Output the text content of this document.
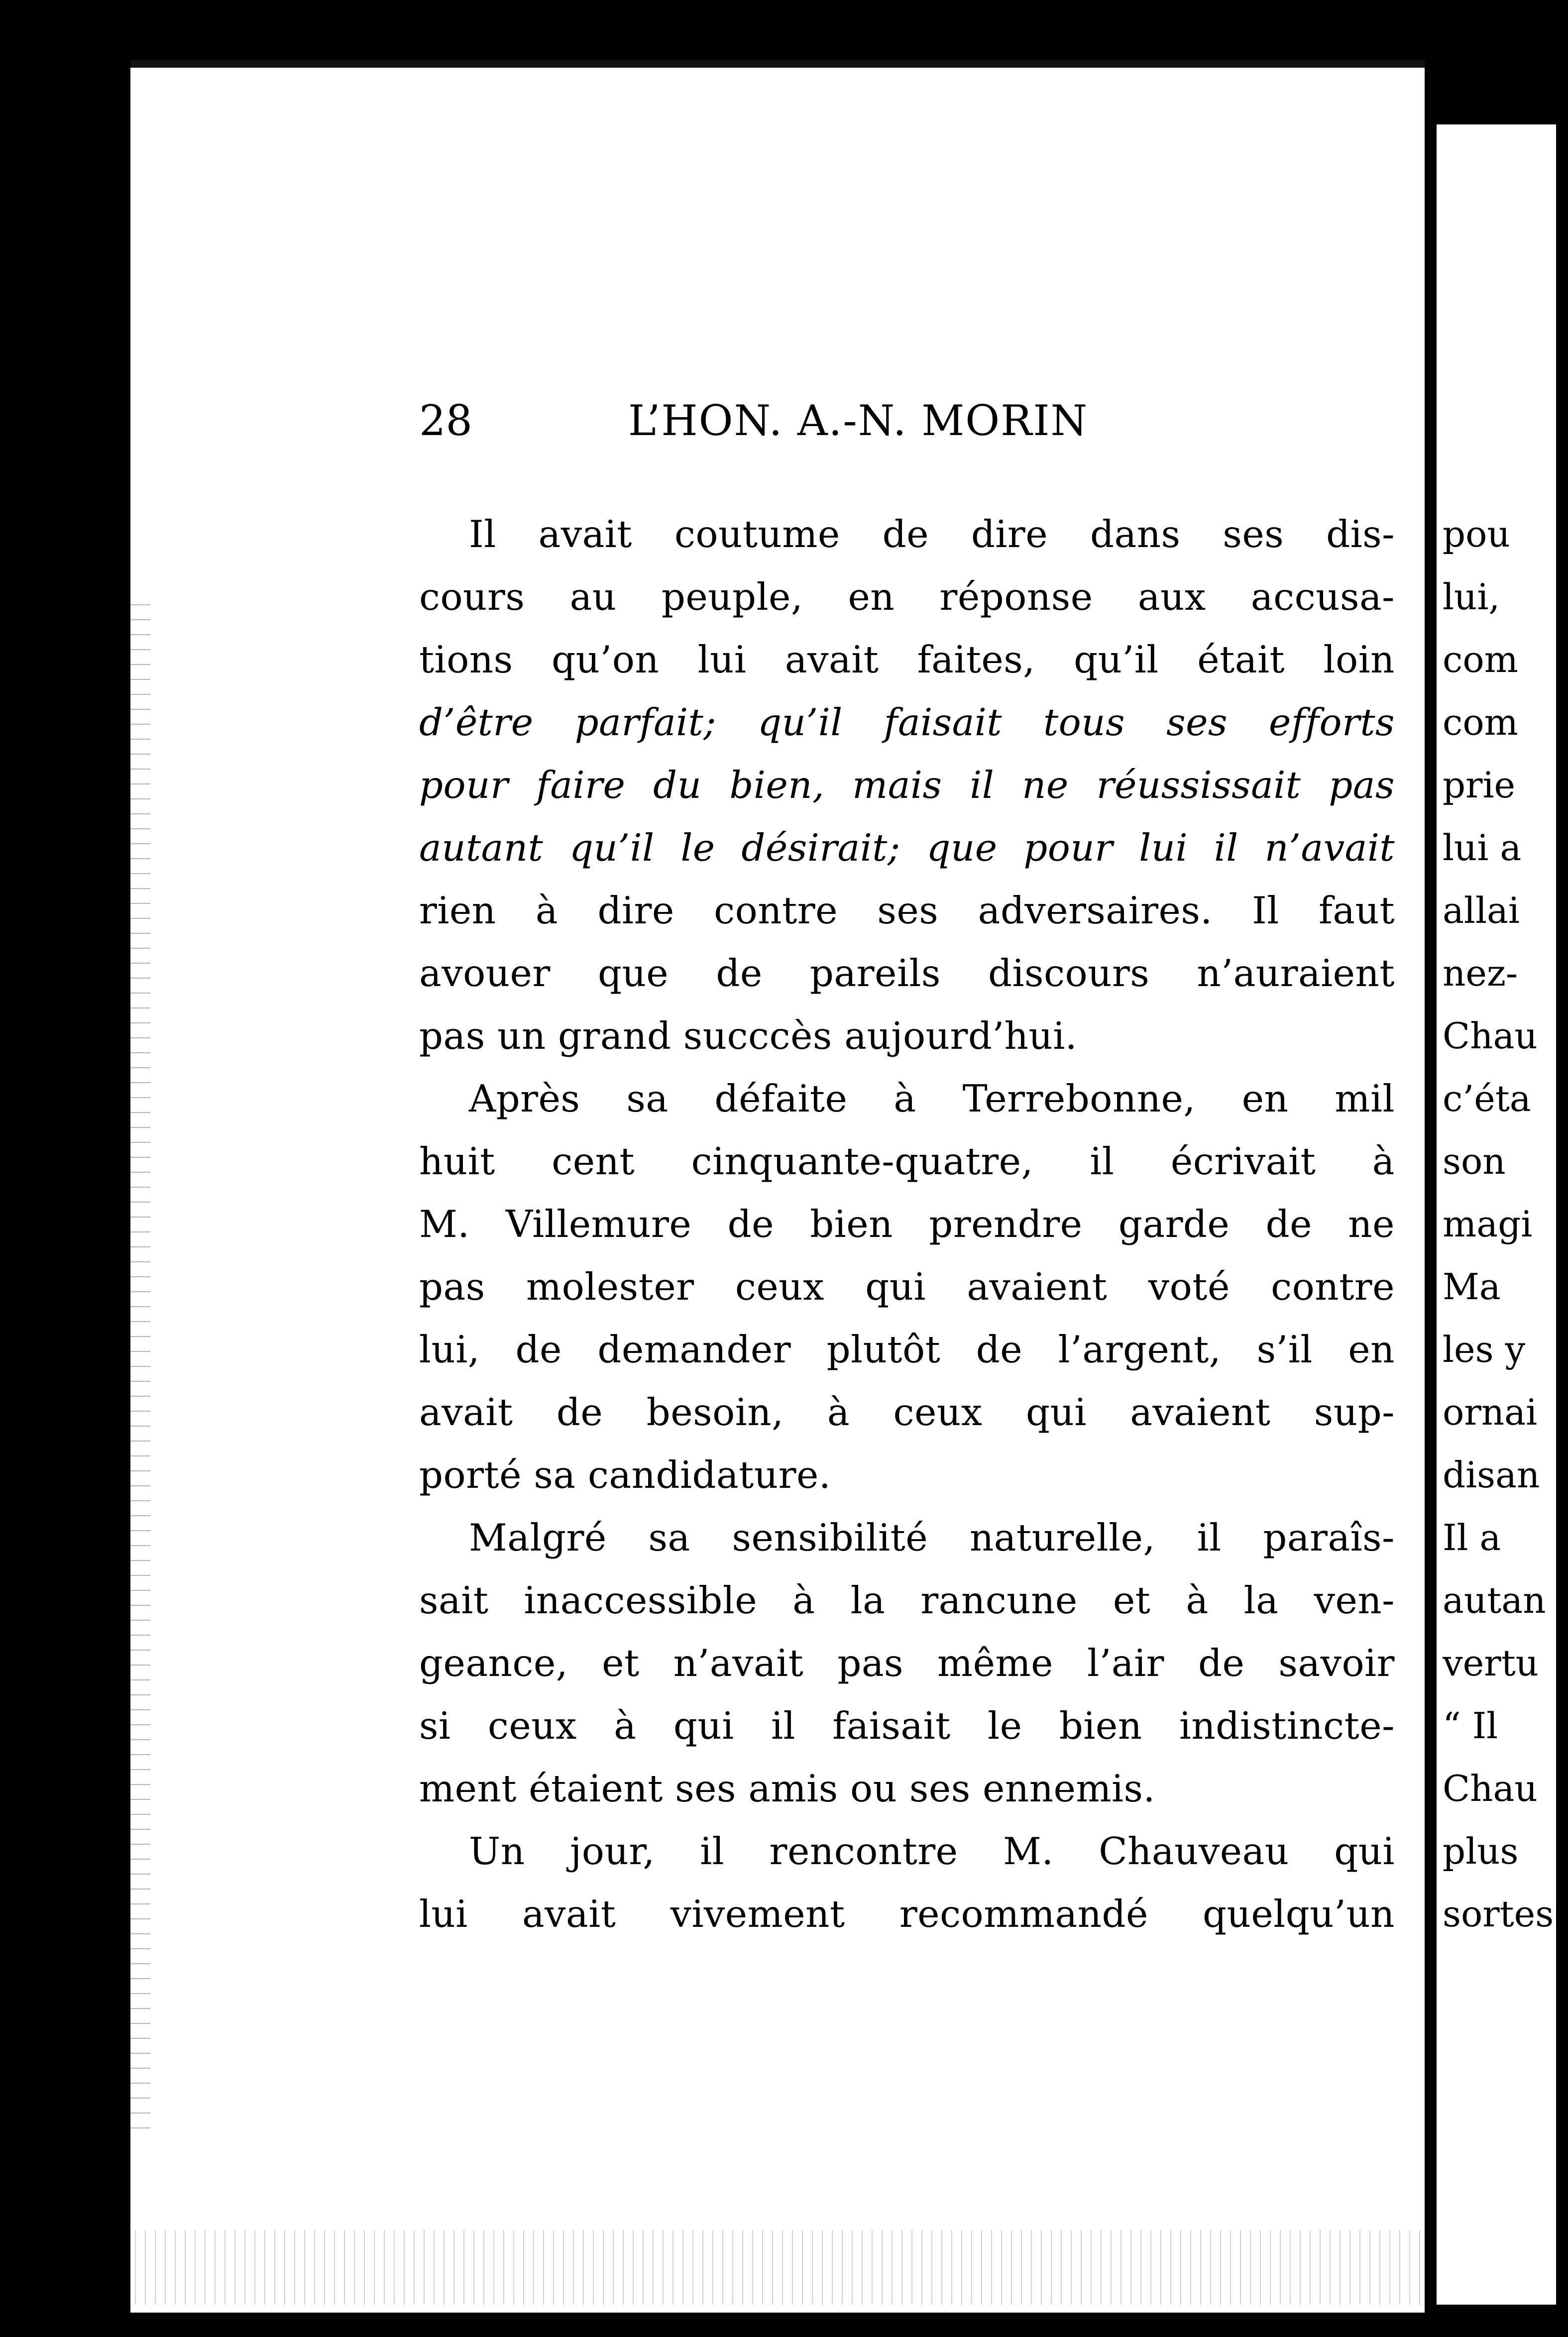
28	L’HON. A.-N. MORIN

Il avait coutume de dire dans ses dis-
cours au peuple, en réponse aux accusa-
tions qu’on lui avait faites, qu’il était loin
d’être parfait; qu’il faisait tous ses efforts
pour faire du bien, mais il ne réussissait pas
autant qu’il le désirait; que pour lui il n’avait
rien à dire contre ses adversaires. Il faut
avouer que de pareils discours n’auraient
pas un grand succcès aujourd’hui.

Après sa défaite à Terrebonne, en mil
huit cent cinquante-quatre, il écrivait à
M. Villemure de bien prendre garde de ne
pas molester ceux qui avaient voté contre
lui, de demander plutôt de l’argent, s’il en
avait de besoin, à ceux qui avaient sup-
porté sa candidature.

Malgré sa sensibilité naturelle, il paraîs-
sait inaccessible à la rancune et à la ven-
geance, et n’avait pas même l’air de savoir
si ceux à qui il faisait le bien indistincte-
ment étaient ses amis ou ses ennemis.

Un jour, il rencontre M. Chauveau qui
lui avait vivement recommandé quelqu’un

pou
lui,
com
com
prie
lui a
allai
nez-
Chau
c’éta
son
magi
Ma
les y
ornai
disan
Il a
autan
vertu
“ Il
Chau
plus
sortes
